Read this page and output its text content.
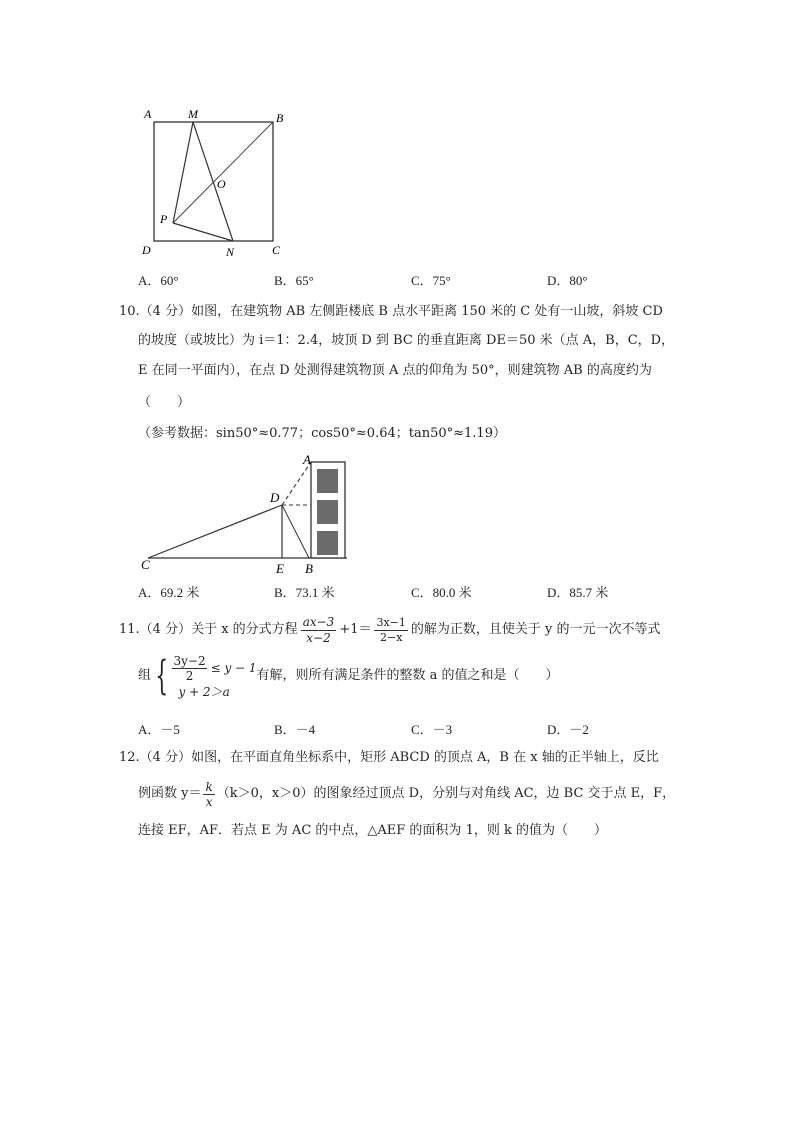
A	M	B
O
P
D	N	C
A．60°	B．65°	C．75°	D．80°
10.（4 分）如图，在建筑物 AB 左侧距楼底 B 点水平距离 150 米的 C 处有一山坡，斜坡 CD
的坡度（或坡比）为 i＝1：2.4，坡顶 D 到 BC 的垂直距离 DE＝50 米（点 A，B，C，D，
E 在同一平面内），在点 D 处测得建筑物顶 A 点的仰角为 50°，则建筑物 AB 的高度约为
（　　）
（参考数据：sin50°≈0.77；cos50°≈0.64；tan50°≈1.19）
A
D
C	E B
A．69.2 米	B．73.1 米	C．80.0 米	D．85.7 米
11.（4 分）关于 x 的分式方程 $\frac{ax-3}{x-2} +1= \frac{3x-1}{2-x}$ 的解为正数，且使关于 y 的一元一次不等式
组 { $\frac{3y-2}{2} \le y - 1$
y + 2＞a
有解，则所有满足条件的整数 a 的值之和是（　　）
A．－5	B．－4	C．－3	D．－2
12.（4 分）如图，在平面直角坐标系中，矩形 ABCD 的顶点 A，B 在 x 轴的正半轴上，反比
例函数 $y= \frac{k}{x} (k>0$，x＞0）的图象经过顶点 D，分别与对角线 AC，边 BC 交于点 E，F，
连接 EF，AF．若点 E 为 AC 的中点，△AEF 的面积为 1，则 k 的值为（　　）
